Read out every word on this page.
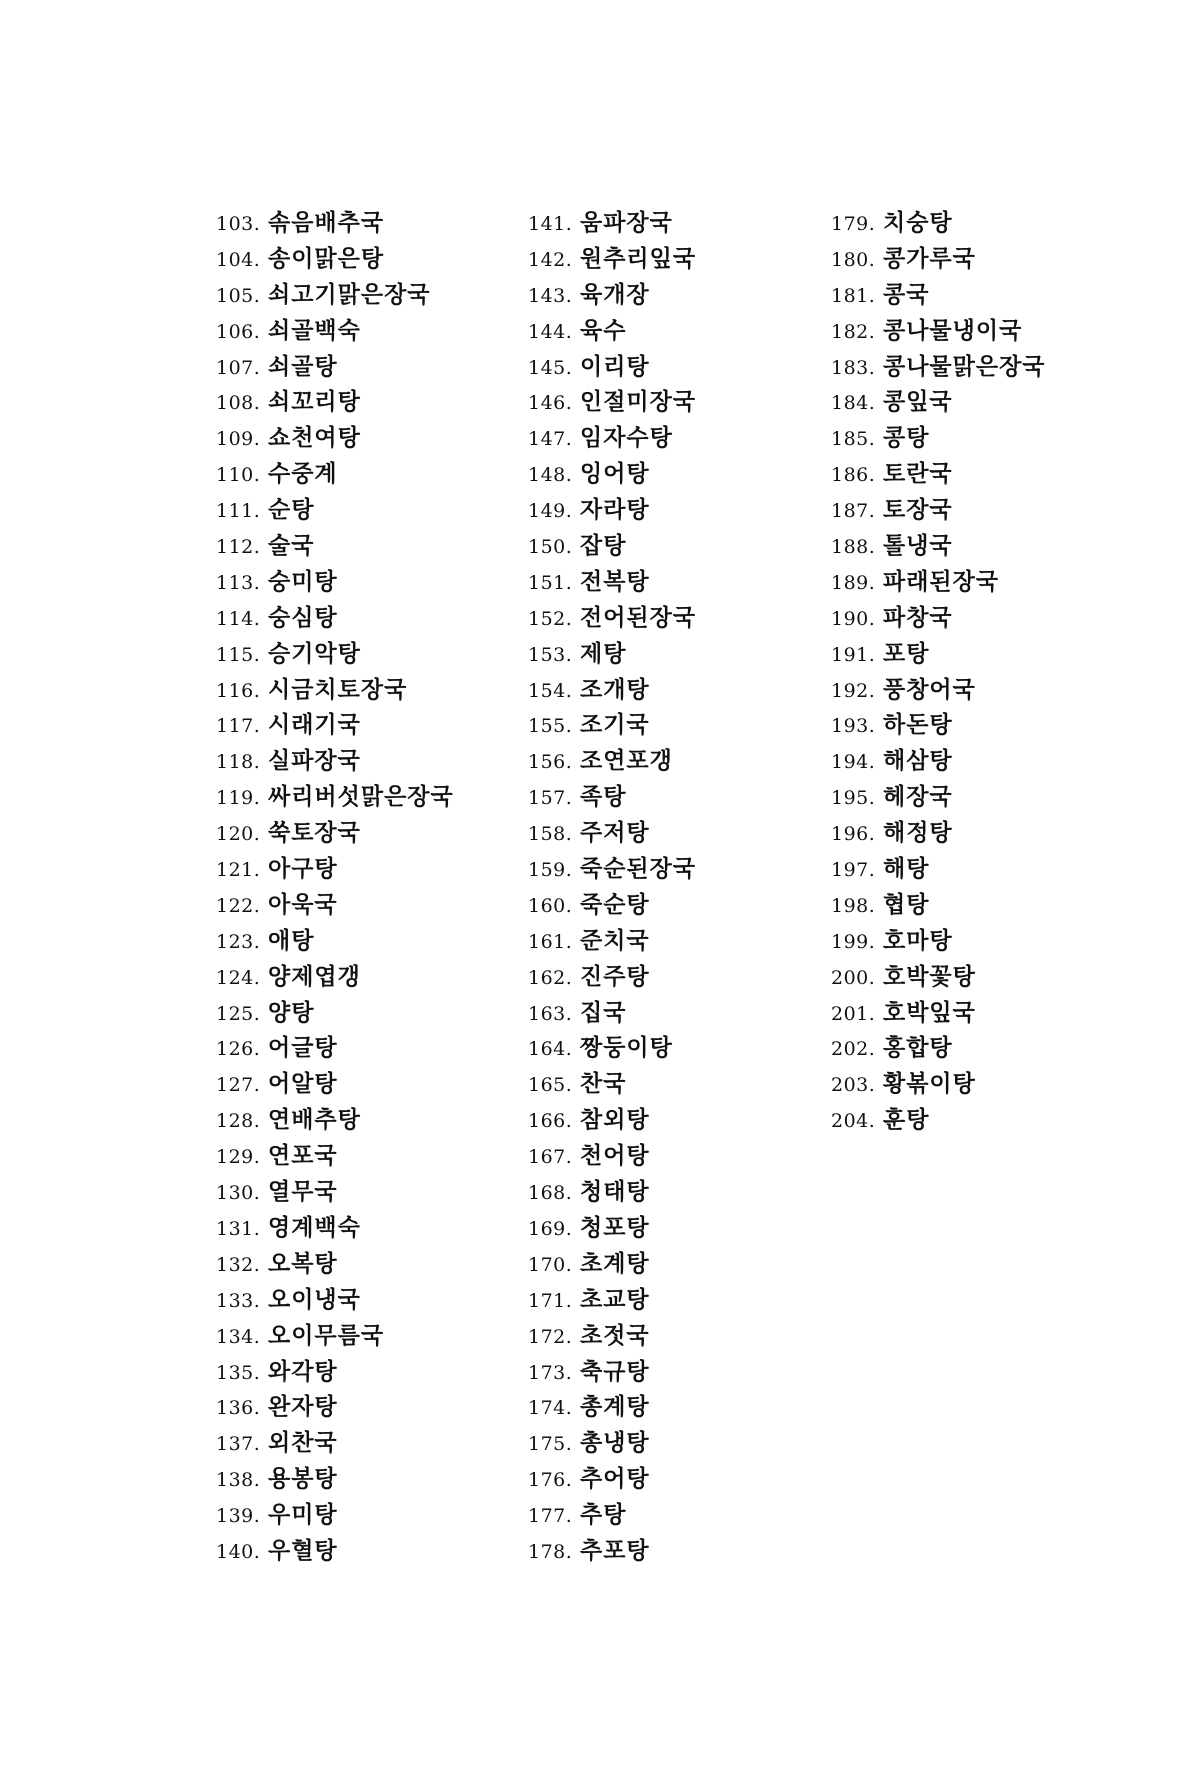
103. 솎음배추국
104. 송이맑은탕
105. 쇠고기맑은장국
106. 쇠골백숙
107. 쇠골탕
108. 쇠꼬리탕
109. 쇼천여탕
110. 수중계
111. 순탕
112. 술국
113. 숭미탕
114. 숭심탕
115. 승기악탕
116. 시금치토장국
117. 시래기국
118. 실파장국
119. 싸리버섯맑은장국
120. 쑥토장국
121. 아구탕
122. 아욱국
123. 애탕
124. 양제엽갱
125. 양탕
126. 어글탕
127. 어알탕
128. 연배추탕
129. 연포국
130. 열무국
131. 영계백숙
132. 오복탕
133. 오이냉국
134. 오이무름국
135. 와각탕
136. 완자탕
137. 외찬국
138. 용봉탕
139. 우미탕
140. 우혈탕
141. 움파장국
142. 원추리잎국
143. 육개장
144. 육수
145. 이리탕
146. 인절미장국
147. 임자수탕
148. 잉어탕
149. 자라탕
150. 잡탕
151. 전복탕
152. 전어된장국
153. 제탕
154. 조개탕
155. 조기국
156. 조연포갱
157. 족탕
158. 주저탕
159. 죽순된장국
160. 죽순탕
161. 준치국
162. 진주탕
163. 집국
164. 짱둥이탕
165. 찬국
166. 참외탕
167. 천어탕
168. 청태탕
169. 청포탕
170. 초계탕
171. 초교탕
172. 초젓국
173. 축규탕
174. 총계탕
175. 총냉탕
176. 추어탕
177. 추탕
178. 추포탕
179. 치숭탕
180. 콩가루국
181. 콩국
182. 콩나물냉이국
183. 콩나물맑은장국
184. 콩잎국
185. 콩탕
186. 토란국
187. 토장국
188. 톨냉국
189. 파래된장국
190. 파창국
191. 포탕
192. 풍창어국
193. 하돈탕
194. 해삼탕
195. 헤장국
196. 해정탕
197. 해탕
198. 협탕
199. 호마탕
200. 호박꽃탕
201. 호박잎국
202. 홍합탕
203. 황볶이탕
204. 훈탕
